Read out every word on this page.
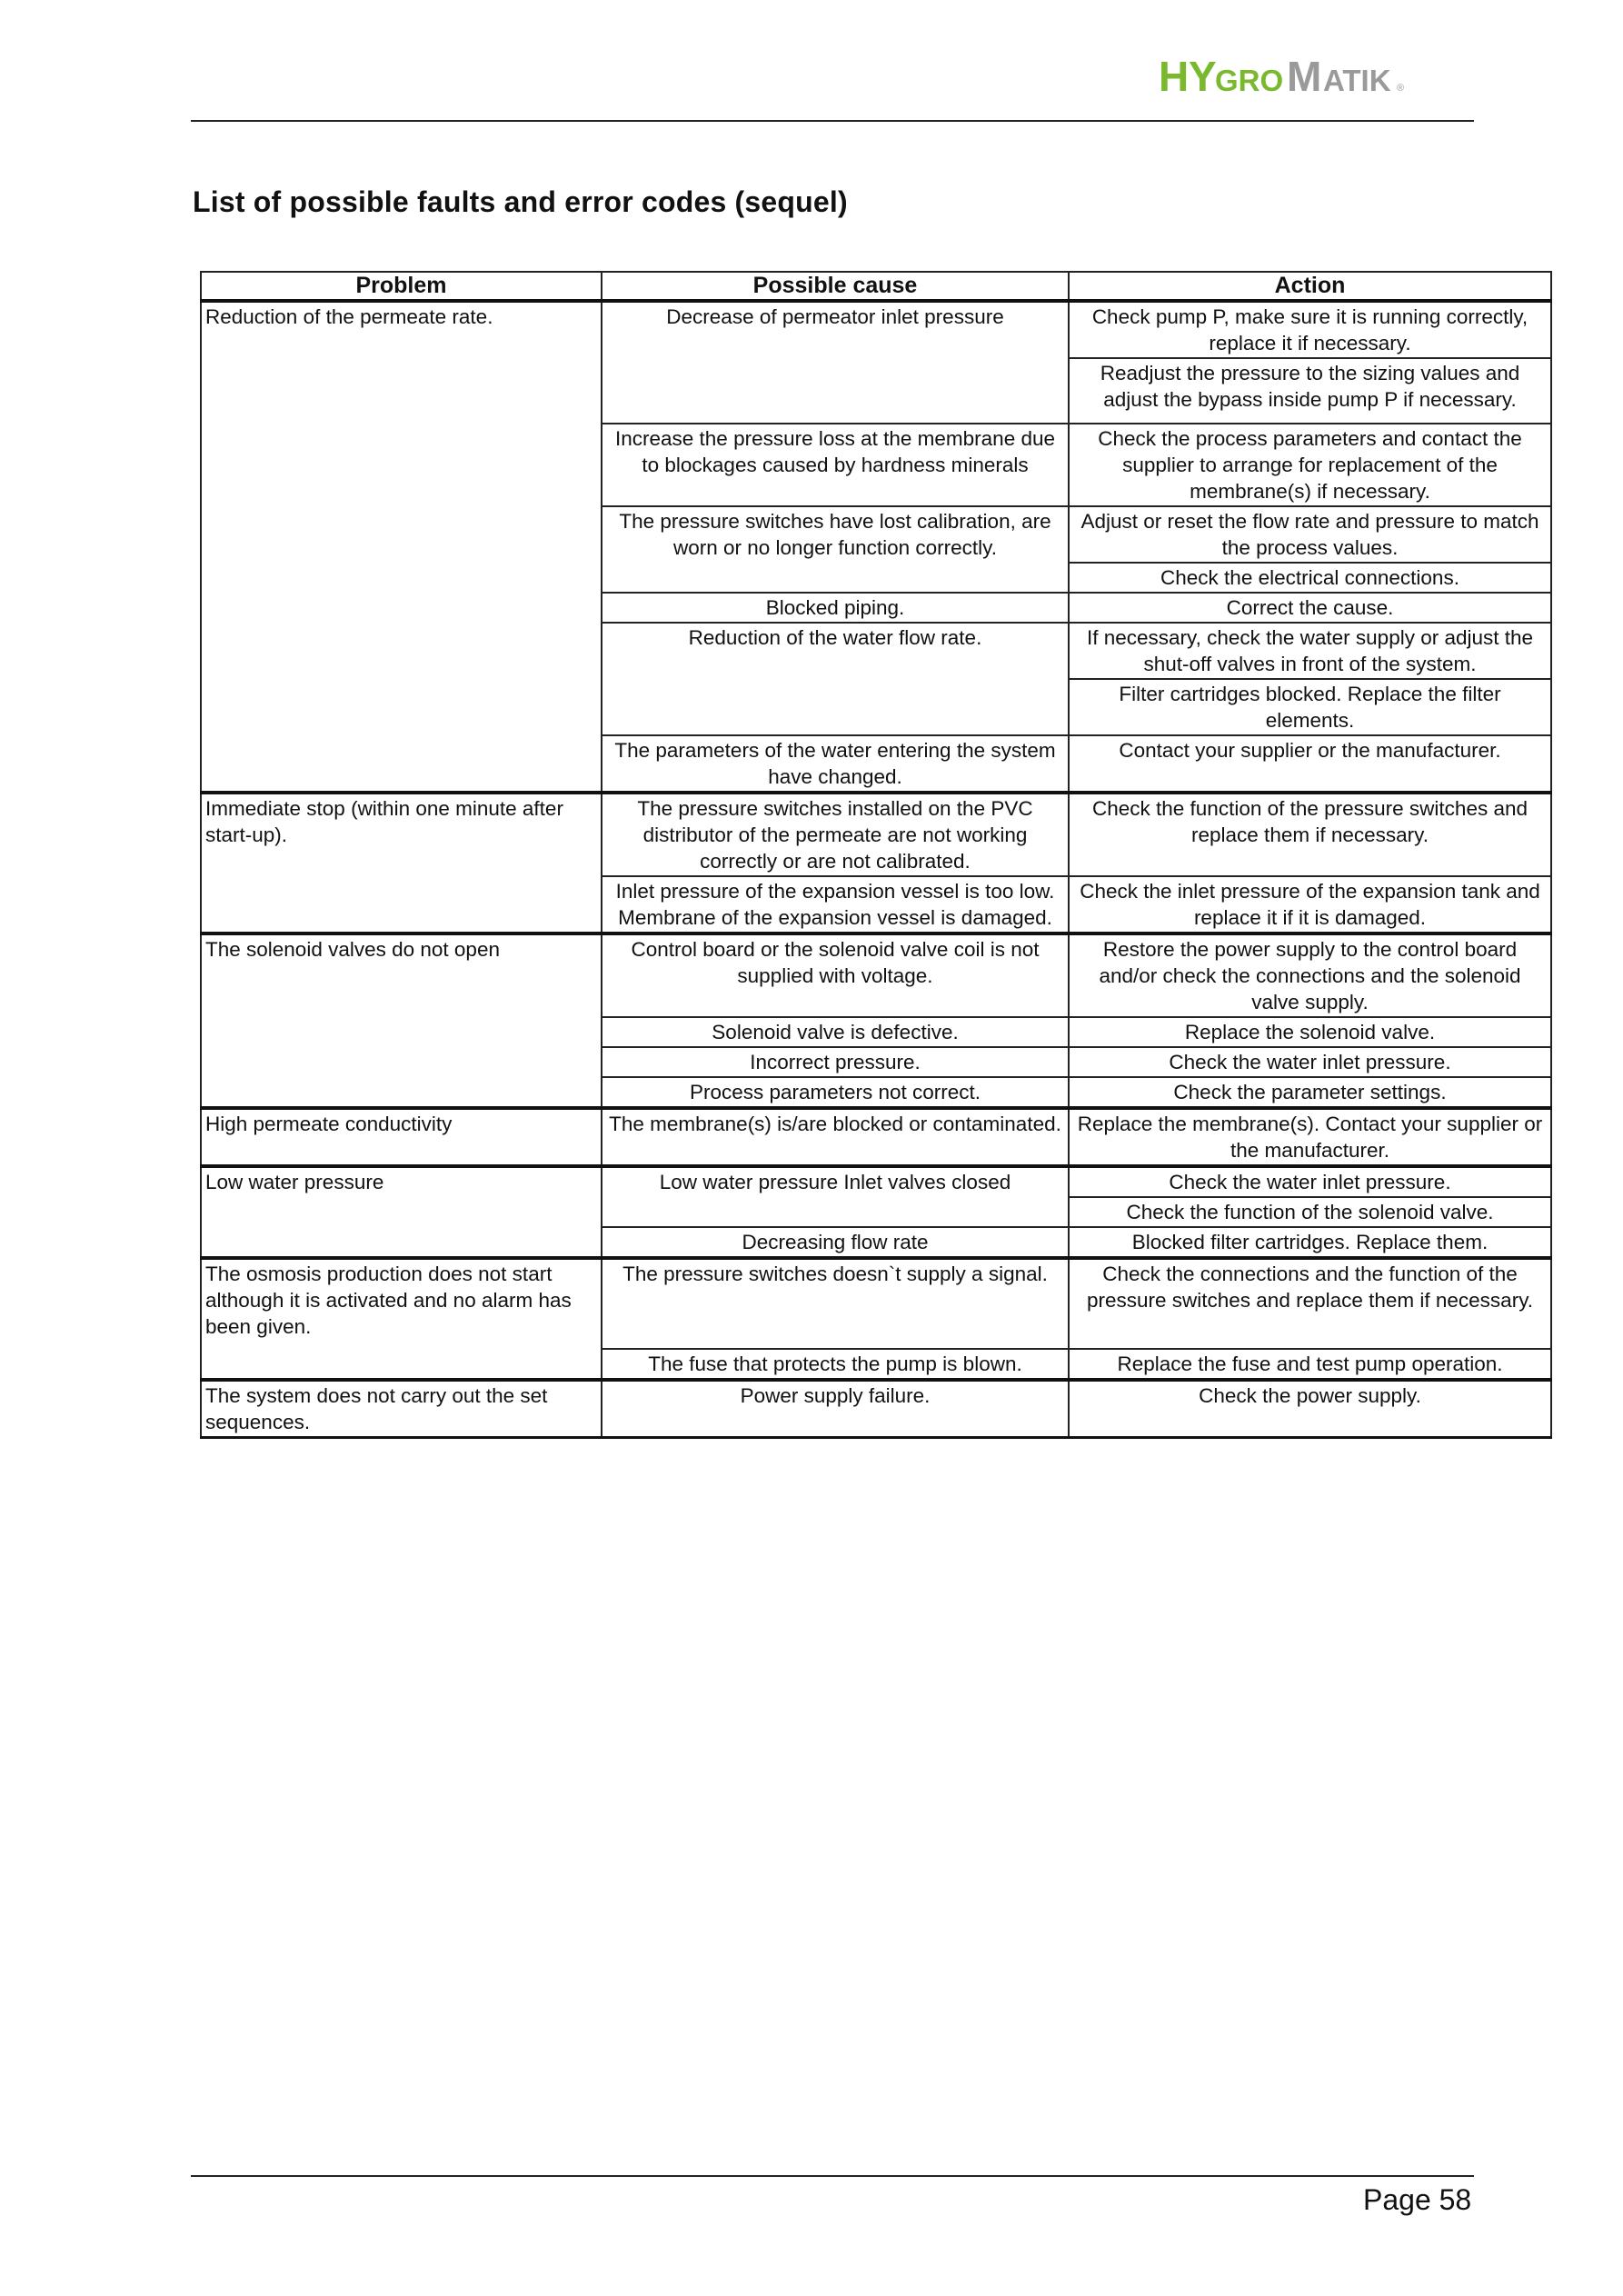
H Y
GRO M ATIK ®
List of possible faults and error codes (sequel)
Problem	Possible cause	Action
Reduction of the permeate rate.	Decrease of permeator inlet pressure	Check pump P, make sure it is running correctly, replace it if necessary.
		Readjust the pressure to the sizing values and adjust the bypass inside pump P if necessary.
	Increase the pressure loss at the membrane due to blockages caused by hardness minerals	Check the process parameters and contact the supplier to arrange for replacement of the membrane(s) if necessary.
	The pressure switches have lost calibration, are worn or no longer function correctly.	Adjust or reset the flow rate and pressure to match the process values.
		Check the electrical connections.
	Blocked piping.	Correct the cause.
	Reduction of the water flow rate.	If necessary, check the water supply or adjust the shut-off valves in front of the system.
		Filter cartridges blocked. Replace the filter elements.
	The parameters of the water entering the system have changed.	Contact your supplier or the manufacturer.
Immediate stop (within one minute after start-up).	The pressure switches installed on the PVC distributor of the permeate are not working correctly or are not calibrated.	Check the function of the pressure switches and replace them if necessary.
	Inlet pressure of the expansion vessel is too low. Membrane of the expansion vessel is damaged.	Check the inlet pressure of the expansion tank and replace it if it is damaged.
The solenoid valves do not open	Control board or the solenoid valve coil is not supplied with voltage.	Restore the power supply to the control board and/or check the connections and the solenoid valve supply.
	Solenoid valve is defective.	Replace the solenoid valve.
	Incorrect pressure.	Check the water inlet pressure.
	Process parameters not correct.	Check the parameter settings.
High permeate conductivity	The membrane(s) is/are blocked or contaminated.	Replace the membrane(s). Contact your supplier or the manufacturer.
Low water pressure	Low water pressure Inlet valves closed	Check the water inlet pressure.
		Check the function of the solenoid valve.
	Decreasing flow rate	Blocked filter cartridges. Replace them.
The osmosis production does not start although it is activated and no alarm has been given.	The pressure switches doesn`t supply a signal.	Check the connections and the function of the pressure switches and replace them if necessary.
	The fuse that protects the pump is blown.	Replace the fuse and test pump operation.
The system does not carry out the set sequences.	Power supply failure.	Check the power supply.
Page 58
